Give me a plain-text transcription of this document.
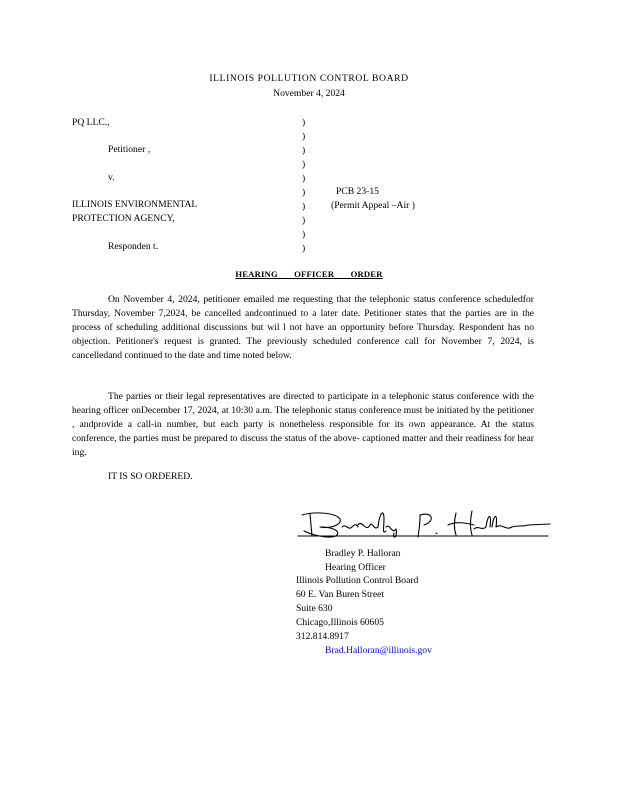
ILLINOIS POLLUTION CONTROL BOARD
November 4, 2024
PQ LLC.,
Petitioner ,
v.
ILLINOIS ENVIRONMENTAL
PROTECTION AGENCY,
Responden t.
)
)
)
)
)
)
)
)
)
)
PCB 23-15
(Permit Appeal –Air )
HEARING OFFICER ORDER
On November 4, 2024, petitioner emailed me requesting that the telephonic status conference scheduledfor Thursday, November 7,2024, be cancelled andcontinued to a later date. Petitioner states that the parties are in the process of scheduling additional discussions but wil l not have an opportunity before Thursday. Respondent has no objection. Petitioner's request is granted. The previously scheduled conference call for November 7, 2024, is cancelledand continued to the date and time noted below.
The parties or their legal representatives are directed to participate in a telephonic status conference with the hearing officer onDecember 17, 2024, at 10:30 a.m. The telephonic status conference must be initiated by the petitioner , andprovide a call-in number, but each party is nonetheless responsible for its own appearance. At the status conference, the parties must be prepared to discuss the status of the above- captioned matter and their readiness for hear ing.
IT IS SO ORDERED.
Bradley P. Halloran
Hearing Officer
Illinois Pollution Control Board
60 E. Van Buren Street
Suite 630
Chicago,Illinois 60605
312.814.8917
Brad.Halloran@illinois.gov
